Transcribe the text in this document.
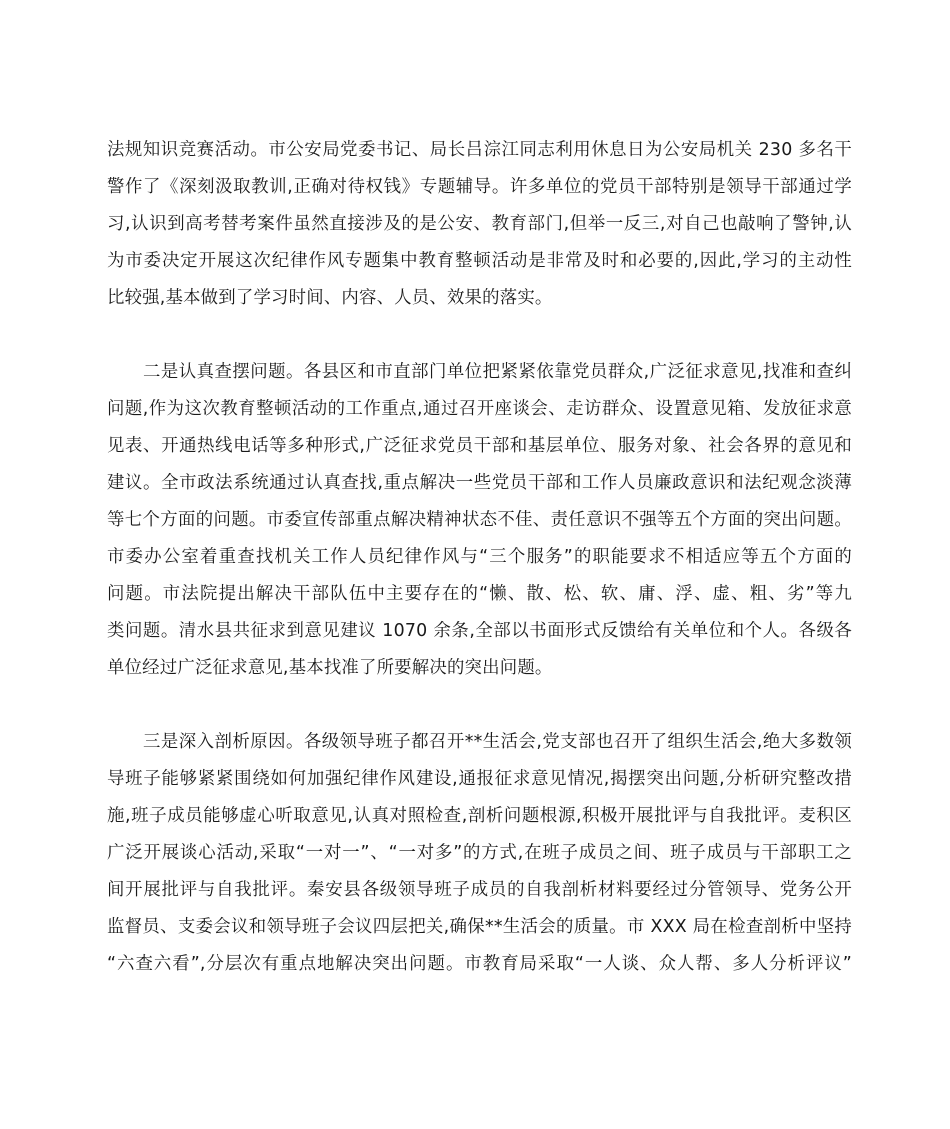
法规知识竞赛活动。市公安局党委书记、局长吕淙江同志利用休息日为公安局机关 230 多名干
警作了《深刻汲取教训,正确对待权钱》专题辅导。许多单位的党员干部特别是领导干部通过学
习,认识到高考替考案件虽然直接涉及的是公安、教育部门,但举一反三,对自己也敲响了警钟,认
为市委决定开展这次纪律作风专题集中教育整顿活动是非常及时和必要的,因此,学习的主动性
比较强,基本做到了学习时间、内容、人员、效果的落实。
二是认真查摆问题。各县区和市直部门单位把紧紧依靠党员群众,广泛征求意见,找准和查纠
问题,作为这次教育整顿活动的工作重点,通过召开座谈会、走访群众、设置意见箱、发放征求意
见表、开通热线电话等多种形式,广泛征求党员干部和基层单位、服务对象、社会各界的意见和
建议。全市政法系统通过认真查找,重点解决一些党员干部和工作人员廉政意识和法纪观念淡薄
等七个方面的问题。市委宣传部重点解决精神状态不佳、责任意识不强等五个方面的突出问题。
市委办公室着重查找机关工作人员纪律作风与“三个服务”的职能要求不相适应等五个方面的
问题。市法院提出解决干部队伍中主要存在的“懒、散、松、软、庸、浮、虚、粗、劣”等九
类问题。清水县共征求到意见建议 1070 余条,全部以书面形式反馈给有关单位和个人。各级各
单位经过广泛征求意见,基本找准了所要解决的突出问题。
三是深入剖析原因。各级领导班子都召开**生活会,党支部也召开了组织生活会,绝大多数领
导班子能够紧紧围绕如何加强纪律作风建设,通报征求意见情况,揭摆突出问题,分析研究整改措
施,班子成员能够虚心听取意见,认真对照检查,剖析问题根源,积极开展批评与自我批评。麦积区
广泛开展谈心活动,采取“一对一”、“一对多”的方式,在班子成员之间、班子成员与干部职工之
间开展批评与自我批评。秦安县各级领导班子成员的自我剖析材料要经过分管领导、党务公开
监督员、支委会议和领导班子会议四层把关,确保**生活会的质量。市 XXX 局在检查剖析中坚持
“六查六看”,分层次有重点地解决突出问题。市教育局采取“一人谈、众人帮、多人分析评议”
